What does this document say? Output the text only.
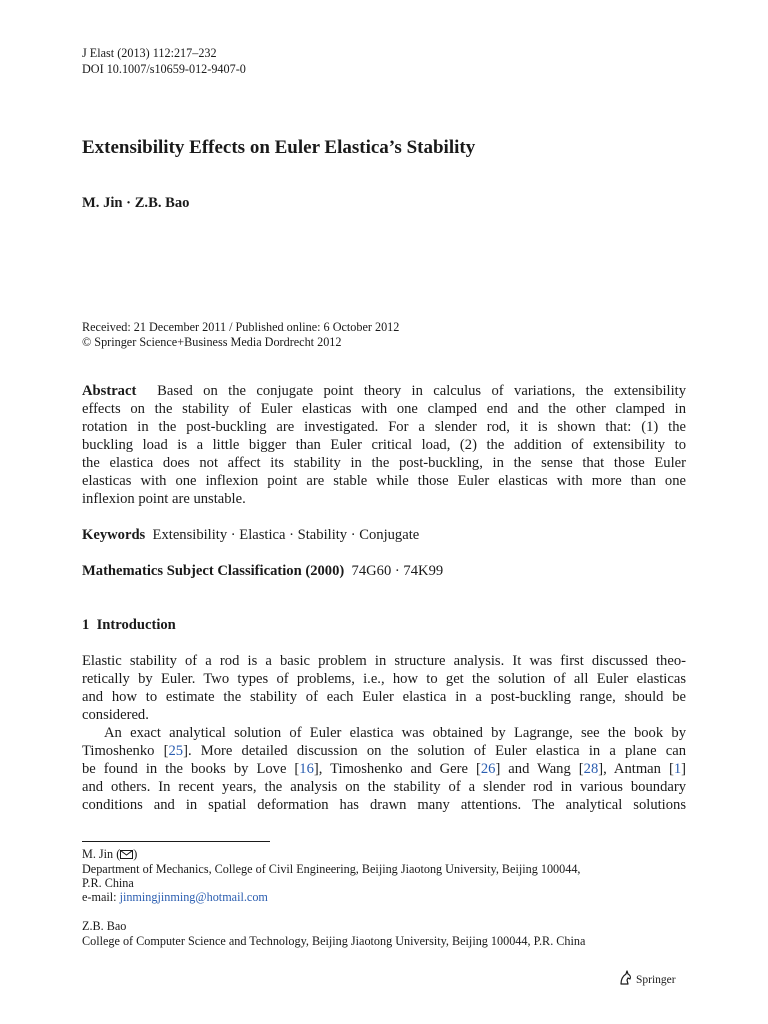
J Elast (2013) 112:217–232
DOI 10.1007/s10659-012-9407-0
Extensibility Effects on Euler Elastica’s Stability
M. Jin · Z.B. Bao
Received: 21 December 2011 / Published online: 6 October 2012
© Springer Science+Business Media Dordrecht 2012
Abstract Based on the conjugate point theory in calculus of variations, the extensibility
effects on the stability of Euler elasticas with one clamped end and the other clamped in
rotation in the post-buckling are investigated. For a slender rod, it is shown that: (1) the
buckling load is a little bigger than Euler critical load, (2) the addition of extensibility to
the elastica does not affect its stability in the post-buckling, in the sense that those Euler
elasticas with one inflexion point are stable while those Euler elasticas with more than one
inflexion point are unstable.
Keywords Extensibility · Elastica · Stability · Conjugate
Mathematics Subject Classification (2000) 74G60 · 74K99
1  Introduction
Elastic stability of a rod is a basic problem in structure analysis. It was first discussed theo-
retically by Euler. Two types of problems, i.e., how to get the solution of all Euler elasticas
and how to estimate the stability of each Euler elastica in a post-buckling range, should be
considered.
An exact analytical solution of Euler elastica was obtained by Lagrange, see the book by
Timoshenko [25]. More detailed discussion on the solution of Euler elastica in a plane can
be found in the books by Love [16], Timoshenko and Gere [26] and Wang [28], Antman [1]
and others. In recent years, the analysis on the stability of a slender rod in various boundary
conditions and in spatial deformation has drawn many attentions. The analytical solutions
M. Jin ( )
Department of Mechanics, College of Civil Engineering, Beijing Jiaotong University, Beijing 100044,
P.R. China
e-mail: jinmingjinming@hotmail.com
Z.B. Bao
College of Computer Science and Technology, Beijing Jiaotong University, Beijing 100044, P.R. China
Springer
